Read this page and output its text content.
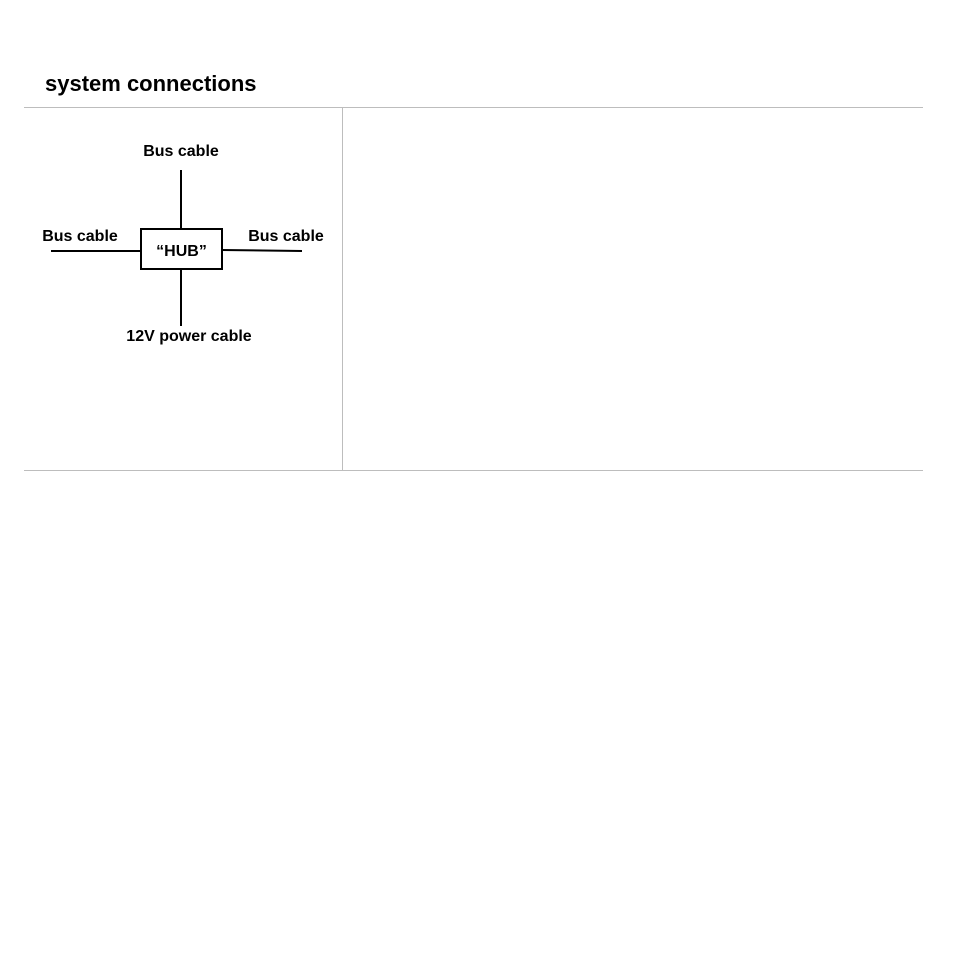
system connections
“HUB”
Bus cable
Bus cable	Bus cable
12V power cable
